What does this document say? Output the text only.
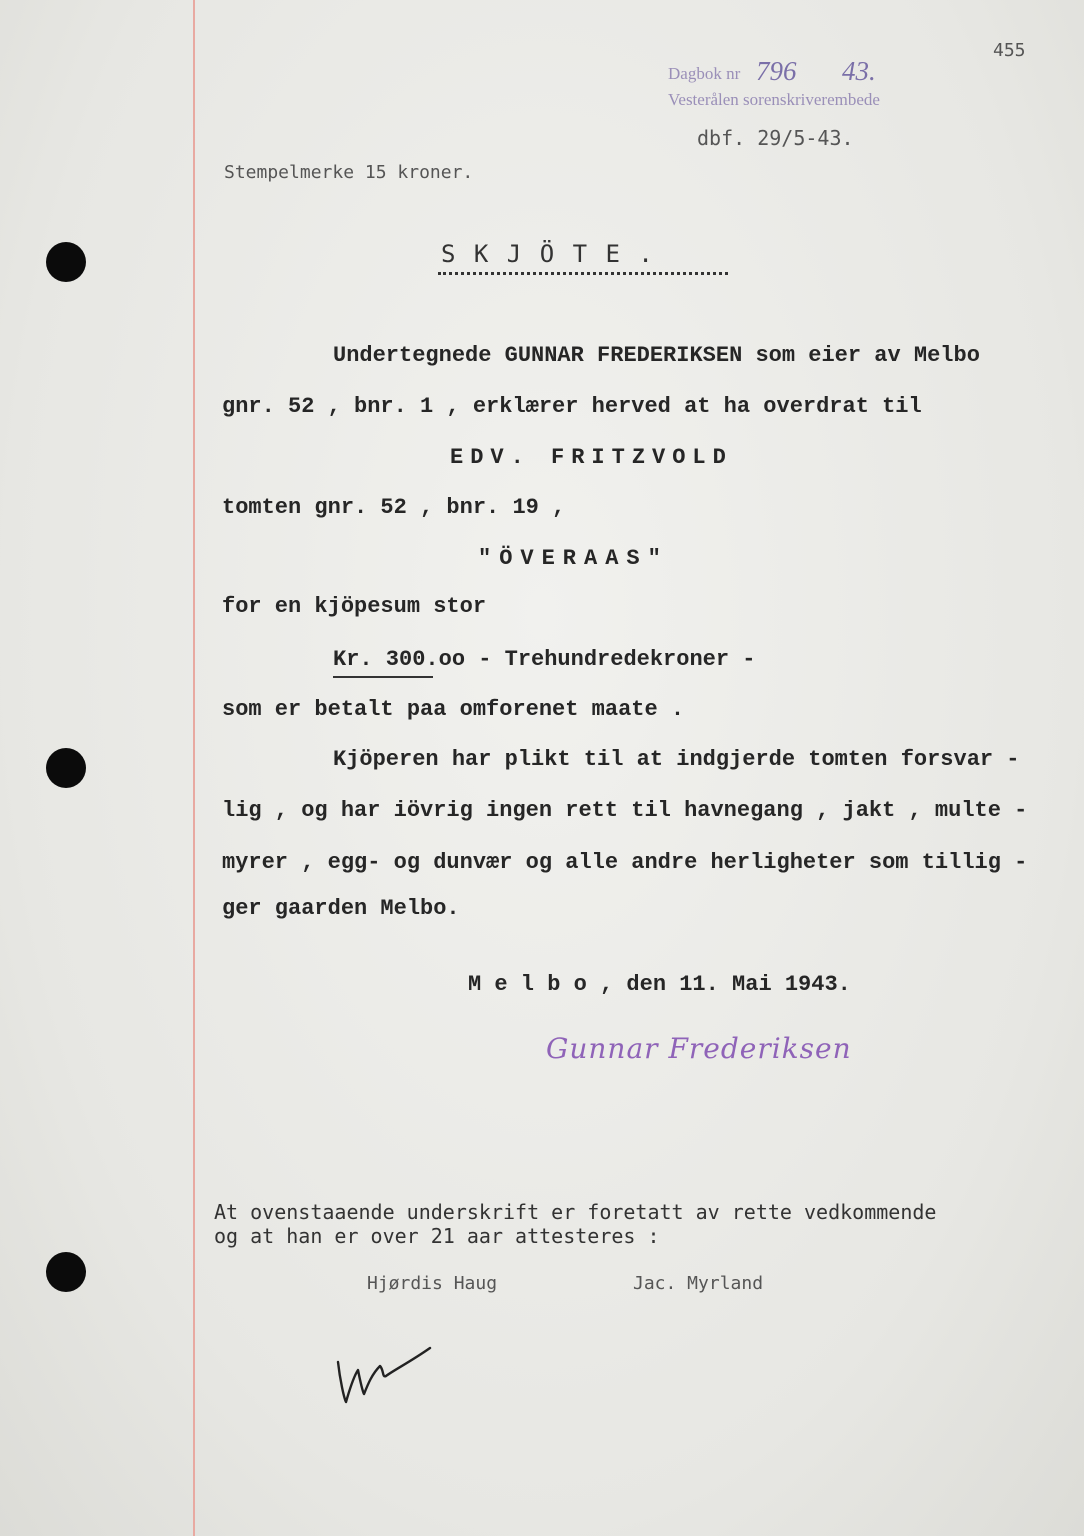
455
Dagbok nr 796 43.
Vesterålen sorenskriverembede
dbf. 29/5-43.
Stempelmerke 15 kroner.
S K J Ö T E .
Undertegnede GUNNAR FREDERIKSEN som eier av Melbo
gnr. 52 , bnr. 1 , erklærer herved at ha overdrat til
EDV. FRITZVOLD
tomten gnr. 52 , bnr. 19 ,
"ÖVERAAS"
for en kjöpesum stor
Kr. 300.oo - Trehundredekroner -
som er betalt paa omforenet maate .
Kjöperen har plikt til at indgjerde tomten forsvar -
lig , og har iövrig ingen rett til havnegang , jakt , multe -
myrer , egg- og dunvær og alle andre herligheter som tillig -
ger gaarden Melbo.
M e l b o , den 11. Mai 1943.
Gunnar Frederiksen
At ovenstaaende underskrift er foretatt av rette vedkommende
og at han er over 21 aar attesteres :
Hjørdis Haug	Jac. Myrland
